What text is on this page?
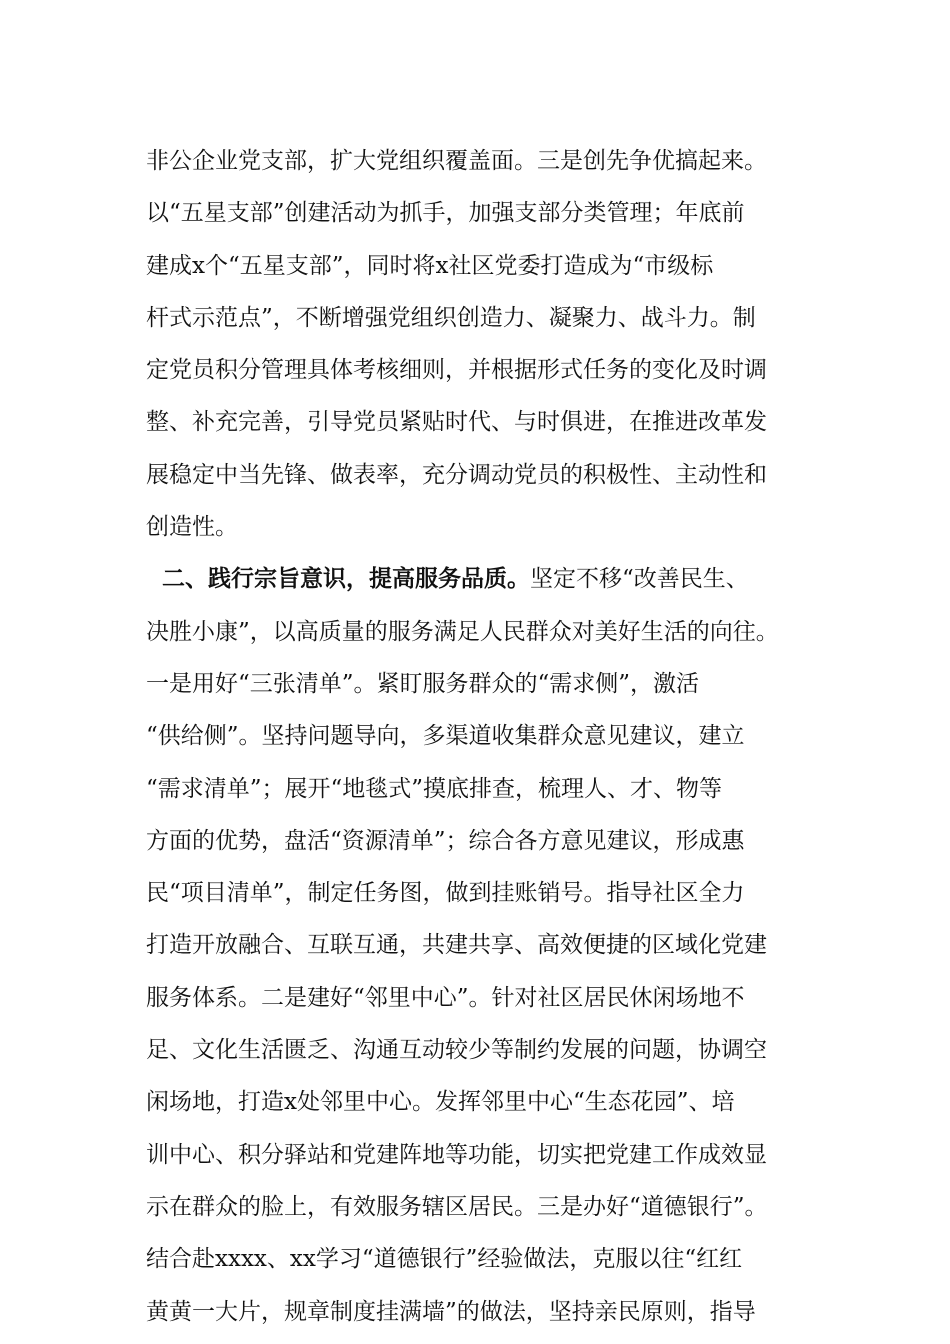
非公企业党支部，扩大党组织覆盖面。三是创先争优搞起来。
以“五星支部”创建活动为抓手，加强支部分类管理；年底前
建成x个“五星支部”，同时将x社区党委打造成为“市级标
杆式示范点”，不断增强党组织创造力、凝聚力、战斗力。制
定党员积分管理具体考核细则，并根据形式任务的变化及时调
整、补充完善，引导党员紧贴时代、与时俱进，在推进改革发
展稳定中当先锋、做表率，充分调动党员的积极性、主动性和
创造性。
二、践行宗旨意识，提高服务品质。坚定不移“改善民生、
决胜小康”，以高质量的服务满足人民群众对美好生活的向往。
一是用好“三张清单”。紧盯服务群众的“需求侧”，激活
“供给侧”。坚持问题导向，多渠道收集群众意见建议，建立
“需求清单”；展开“地毯式”摸底排查，梳理人、才、物等
方面的优势，盘活“资源清单”；综合各方意见建议，形成惠
民“项目清单”，制定任务图，做到挂账销号。指导社区全力
打造开放融合、互联互通，共建共享、高效便捷的区域化党建
服务体系。二是建好“邻里中心”。针对社区居民休闲场地不
足、文化生活匮乏、沟通互动较少等制约发展的问题，协调空
闲场地，打造x处邻里中心。发挥邻里中心“生态花园”、培
训中心、积分驿站和党建阵地等功能，切实把党建工作成效显
示在群众的脸上，有效服务辖区居民。三是办好“道德银行”。
结合赴xxxx、xx学习“道德银行”经验做法，克服以往“红红
黄黄一大片，规章制度挂满墙”的做法，坚持亲民原则，指导
